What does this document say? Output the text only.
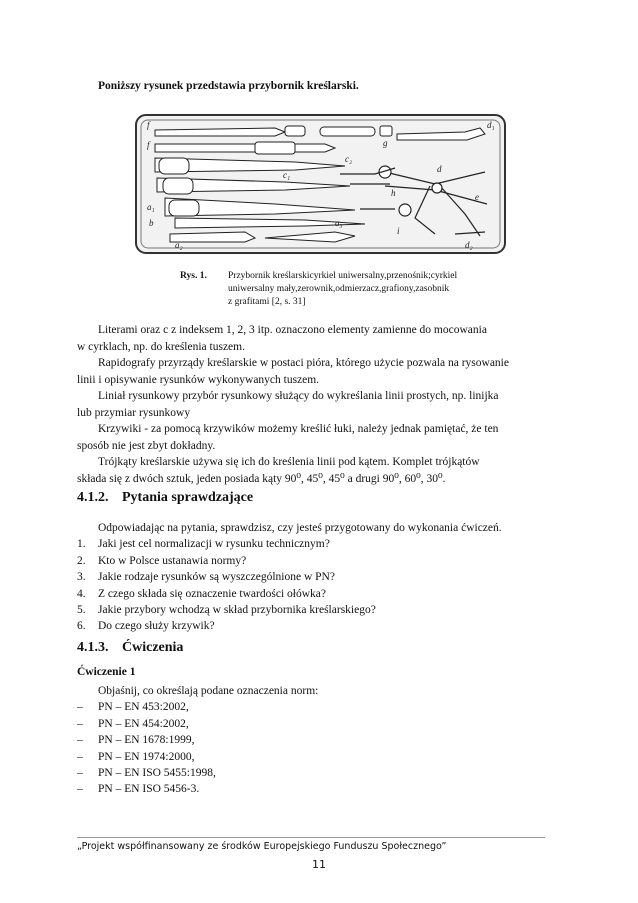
Poniższy rysunek przedstawia przybornik kreślarski.
f
f
a₁
g
d₁
c₂
c₁
h	e
d
b	a₃
a₂
i
d₂
Rys. 1.	Przybornik kreślarskicyrkiel uniwersalny,przenośnik;cyrkiel
uniwersalny mały,zerownik,odmierzacz,grafiony,zasobnik
z grafitami [2, s. 31]

Literami oraz c z indeksem 1, 2, 3 itp. oznaczono elementy zamienne do mocowania
w cyrklach, np. do kreślenia tuszem.

Rapidografy przyrządy kreślarskie w postaci pióra, którego użycie pozwala na rysowanie
linii i opisywanie rysunków wykonywanych tuszem.

Liniał rysunkowy przybór rysunkowy służący do wykreślania linii prostych, np. linijka
lub przymiar rysunkowy

Krzywiki - za pomocą krzywików możemy kreślić łuki, należy jednak pamiętać, że ten
sposób nie jest zbyt dokładny.

Trójkąty kreślarskie używa się ich do kreślenia linii pod kątem. Komplet trójkątów
składa się z dwóch sztuk, jeden posiada kąty 90⁰, 45⁰, 45⁰ a drugi 90⁰, 60⁰, 30⁰.

4.1.2. Pytania sprawdzające
Odpowiadając na pytania, sprawdzisz, czy jesteś przygotowany do wykonania ćwiczeń.
1. Jaki jest cel normalizacji w rysunku technicznym?
2. Kto w Polsce ustanawia normy?
3. Jakie rodzaje rysunków są wyszczególnione w PN?
4. Z czego składa się oznaczenie twardości ołówka?
5. Jakie przybory wchodzą w skład przybornika kreślarskiego?
6. Do czego służy krzywik?
4.1.3. Ćwiczenia
Ćwiczenie 1
Objaśnij, co określają podane oznaczenia norm:
– PN – EN 453:2002,
– PN – EN 454:2002,
– PN – EN 1678:1999,
– PN – EN 1974:2000,
– PN – EN ISO 5455:1998,
– PN – EN ISO 5456-3.
„Projekt współfinansowany ze środków Europejskiego Funduszu Społecznego”
11
